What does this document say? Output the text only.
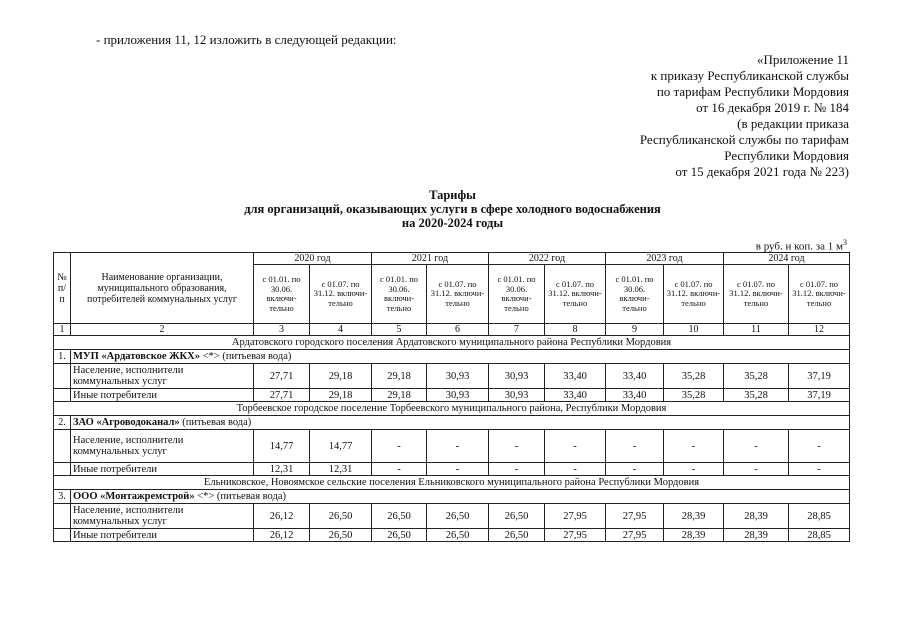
- приложения 11, 12 изложить в следующей редакции:
«Приложение 11
к приказу Республиканской службы
по тарифам Республики Мордовия
от 16 декабря 2019 г. № 184
(в редакции приказа
Республиканской службы по тарифам
Республики Мордовия
от 15 декабря 2021 года № 223)
Тарифы
для организаций, оказывающих услуги в сфере холодного водоснабжения
на 2020-2024 годы
в руб. и коп. за 1 $м^3$
№ п/п	Наименование организации, муниципального образования, потребителей коммунальных услуг	2020 год		2021 год		2022 год		2023 год		2024 год	
		с 01.01. по 30.06. включи-тельно	с 01.07. по 31.12. включи-тельно	с 01.01. по 30.06. включи-тельно	с 01.07. по 31.12. включи-тельно	с 01.01. по 30.06. включи-тельно	с 01.07. по 31.12. включи-тельно	с 01.01. по 30.06. включи-тельно	с 01.07. по 31.12. включи-тельно	с 01.07. по 31.12. включи-тельно	с 01.07. по 31.12. включи-тельно
1	2	3	4	5	6	7	8	9	10	11	12
Ардатовского городского поселения Ардатовского муниципального района Республики Мордовия											
1.	МУП «Ардатовское ЖКХ» <*> (питьевая вода)										
	Население, исполнители коммунальных услуг	27,71	29,18	29,18	30,93	30,93	33,40	33,40	35,28	35,28	37,19
	Иные потребители	27,71	29,18	29,18	30,93	30,93	33,40	33,40	35,28	35,28	37,19
Торбеевское городское поселение Торбеевского муниципального района, Республики Мордовия											
2.	ЗАО «Агроводоканал» (питьевая вода)										
	Население, исполнители коммунальных услуг	14,77	14,77	-	-	-	-	-	-	-	-
	Иные потребители	12,31	12,31	-	-	-	-	-	-	-	-
Ельниковское, Новоямское сельские поселения Ельниковского муниципального района Республики Мордовия											
3.	ООО «Монтажремстрой» <*> (питьевая вода)										
	Население, исполнители коммунальных услуг	26,12	26,50	26,50	26,50	26,50	27,95	27,95	28,39	28,39	28,85
	Иные потребители	26,12	26,50	26,50	26,50	26,50	27,95	27,95	28,39	28,39	28,85
